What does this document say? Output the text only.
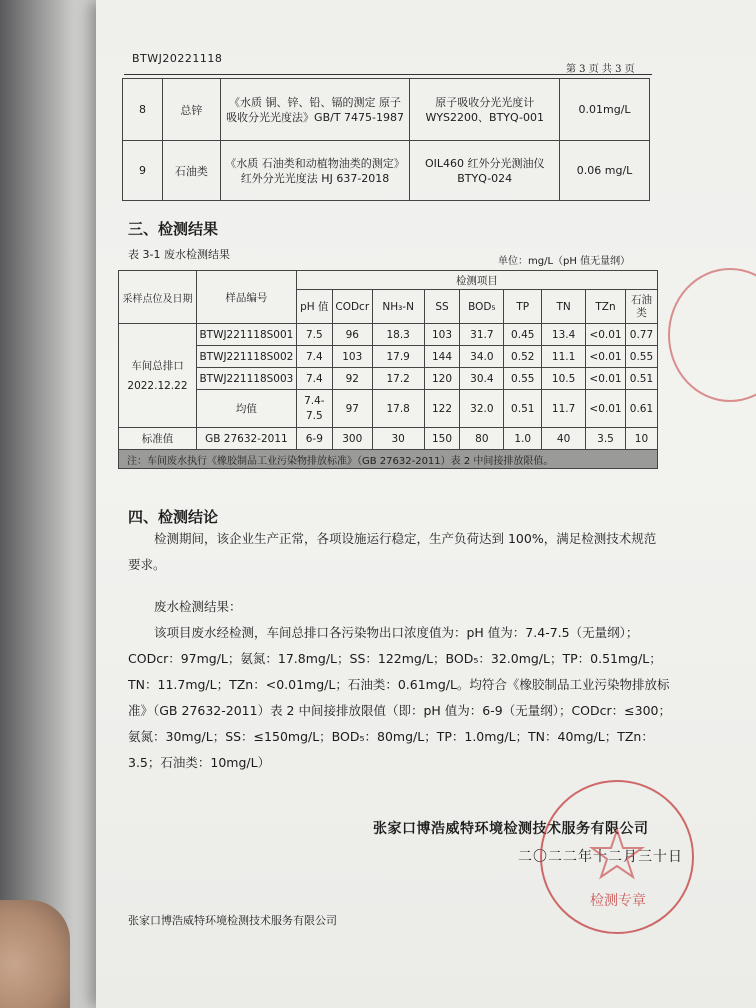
BTWJ20221118
第 3 页 共 3 页
8	总锌	《水质 铜、锌、铅、镉的测定 原子吸收分光光度法》GB/T 7475-1987	原子吸收分光光度计 WYS2200、BTYQ-001	0.01mg/L
9	石油类	《水质 石油类和动植物油类的测定》红外分光光度法 HJ 637-2018	OIL460 红外分光测油仪 BTYQ-024	0.06 mg/L
三、检测结果
表 3-1 废水检测结果
单位：mg/L（pH 值无量纲）
采样点位及日期	样品编号	检测项目								
		pH 值	CODcr	NH₃-N	SS	BOD₅	TP	TN	TZn	石油类
车间总排口 2022.12.22	BTWJ221118S001	7.5	96	18.3	103	31.7	0.45	13.4	<0.01	0.77
	BTWJ221118S002	7.4	103	17.9	144	34.0	0.52	11.1	<0.01	0.55
	BTWJ221118S003	7.4	92	17.2	120	30.4	0.55	10.5	<0.01	0.51
	均值	7.4-7.5	97	17.8	122	32.0	0.51	11.7	<0.01	0.61
标准值	GB 27632-2011	6-9	300	30	150	80	1.0	40	3.5	10
注：车间废水执行《橡胶制品工业污染物排放标准》（GB 27632-2011）表 2 中间接排放限值。										
四、检测结论
检测期间，该企业生产正常，各项设施运行稳定，生产负荷达到 100%，满足检测技术规范要求。
废水检测结果：
该项目废水经检测，车间总排口各污染物出口浓度值为：pH 值为：7.4-7.5（无量纲）；CODcr：97mg/L；氨氮：17.8mg/L；SS：122mg/L；BOD₅：32.0mg/L；TP：0.51mg/L；TN：11.7mg/L；TZn：<0.01mg/L；石油类：0.61mg/L。均符合《橡胶制品工业污染物排放标准》（GB 27632-2011）表 2 中间接排放限值（即：pH 值为：6-9（无量纲）；CODcr：≤300；氨氮：30mg/L；SS：≤150mg/L；BOD₅：80mg/L；TP：1.0mg/L；TN：40mg/L；TZn：3.5；石油类：10mg/L）
张家口博浩威特环境检测技术服务有限公司
二〇二二年十二月三十日
检测专章
张家口博浩威特环境检测技术服务有限公司
